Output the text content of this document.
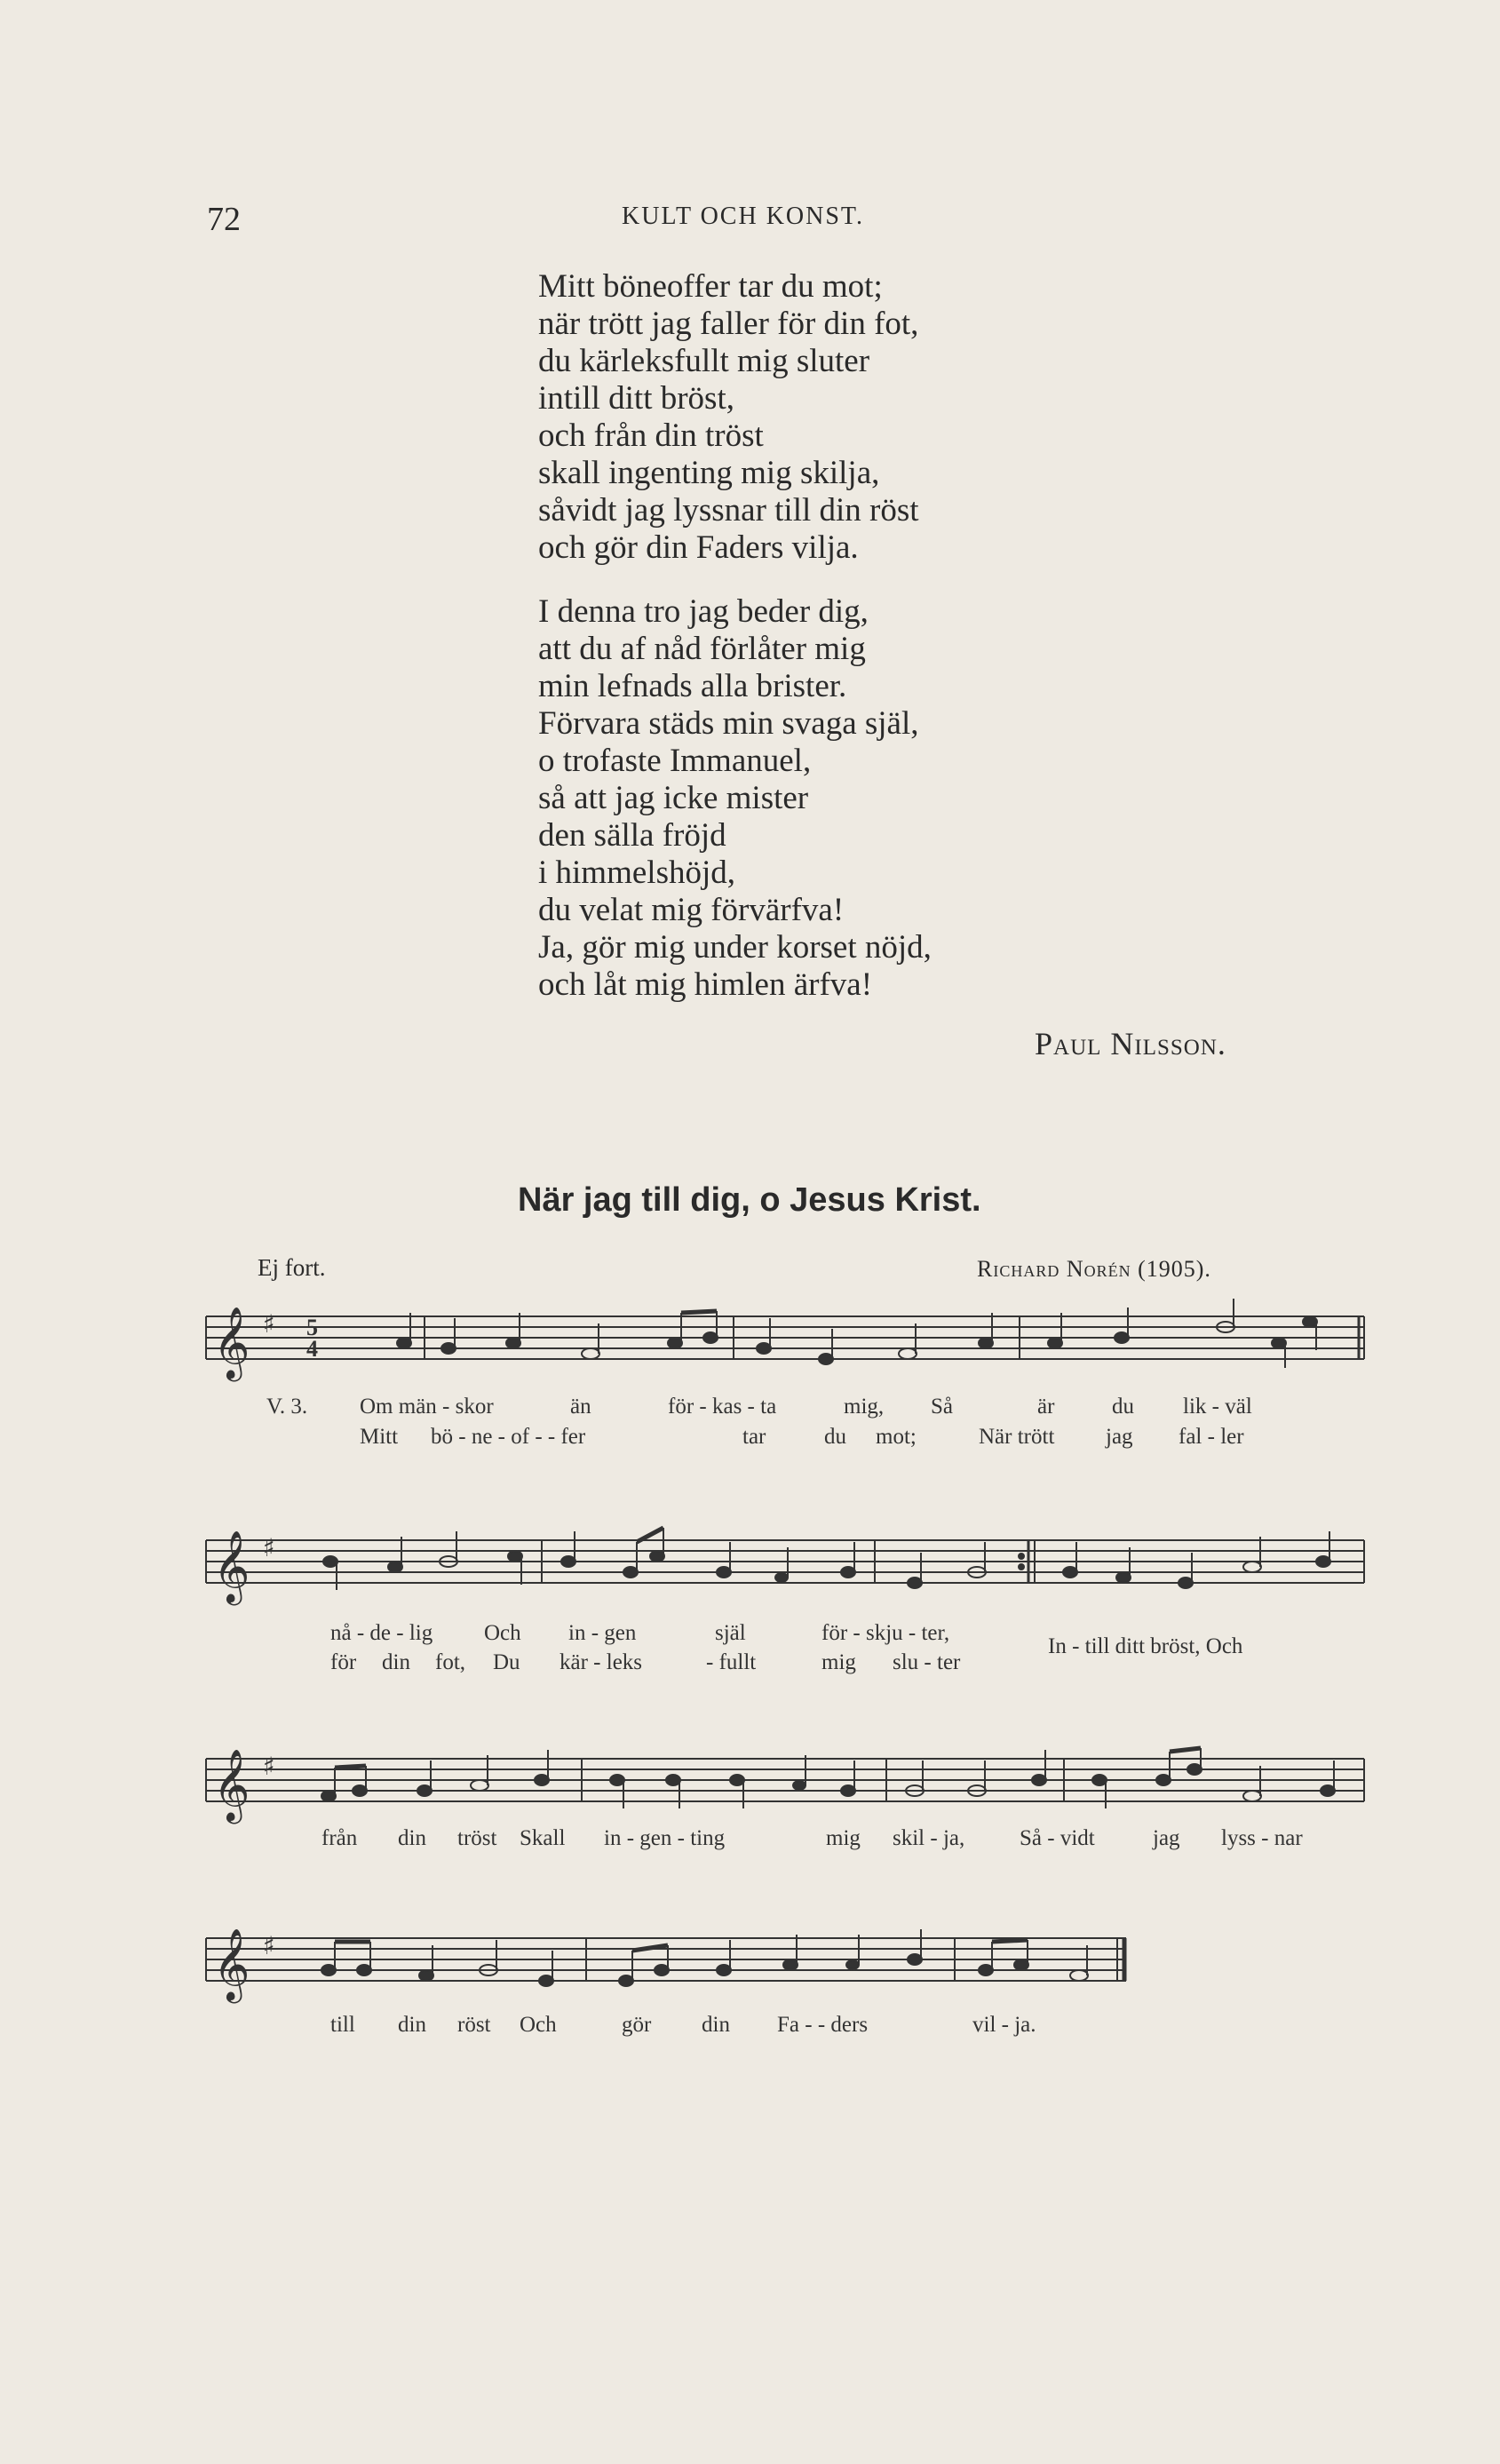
72	KULT OCH KONST.
Mitt böneoffer tar du mot;
när trött jag faller för din fot,
du kärleksfullt mig sluter
intill ditt bröst,
och från din tröst
skall ingenting mig skilja,
såvidt jag lyssnar till din röst
och gör din Faders vilja.
I denna tro jag beder dig,
att du af nåd förlåter mig
min lefnads alla brister.
Förvara städs min svaga själ,
o trofaste Immanuel,
så att jag icke mister
den sälla fröjd
i himmelshöjd,
du velat mig förvärfva!
Ja, gör mig under korset nöjd,
och låt mig himlen ärfva!
Paul Nilsson.
När jag till dig, o Jesus Krist.
Ej fort.	Richard Norén (1905).
𝄞 ♯ 5
4
V. 3. Om män - skor	än	för - kas - ta	mig, Så	är	du lik - väl
Mitt bö - ne - of - - fer	tar	du mot;	När trött jag fal - ler
𝄞 ♯
nå - de - lig Och in - gen	själ	för - skju - ter,
för din fot, Du kär - leks	- fullt	mig slu - ter
In - till ditt bröst, Och
𝄞 ♯
från din tröst Skall in - gen - ting	mig skil - ja, Så - vidt	jag lyss - nar
𝄞 ♯
till din röst Och	gör din Fa - - ders	vil - ja.
